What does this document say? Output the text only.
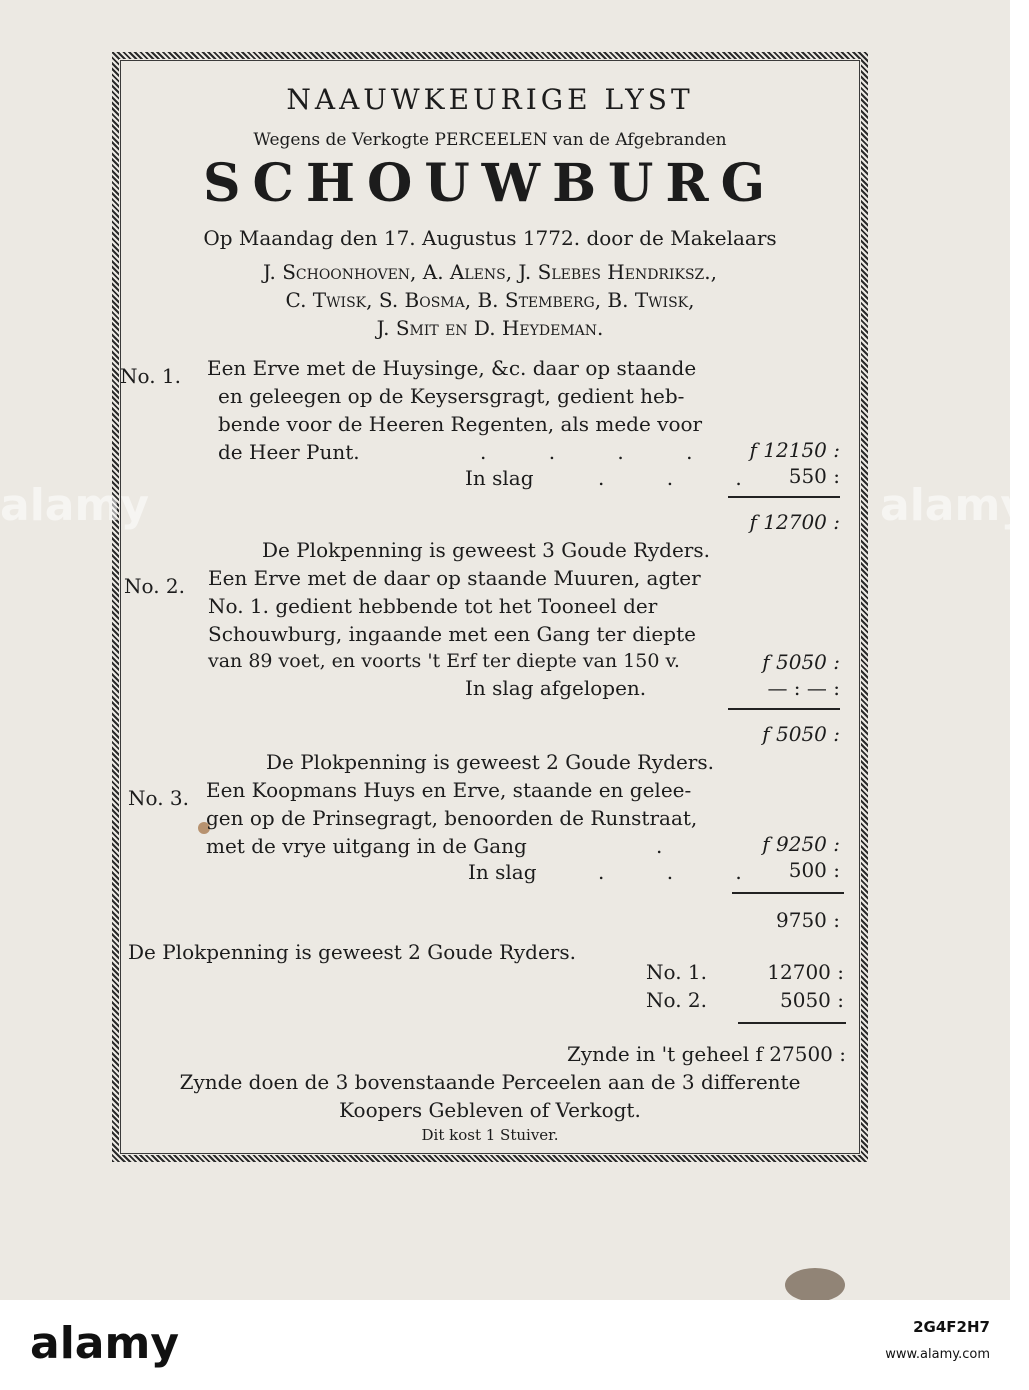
NAAUWKEURIGE LYST
Wegens de Verkogte PERCEELEN van de Afgebranden
SCHOUWBURG
Op Maandag den 17. Augustus 1772. door de Makelaars
J. Schoonhoven, A. Alens, J. Slebes Hendriksz.,
C. Twisk, S. Bosma, B. Stemberg, B. Twisk,
J. Smit en D. Heydeman.
No. 1. Een Erve met de Huysinge, &c. daar op staande
en geleegen op de Keysersgragt, gedient heb-
bende voor de Heeren Regenten, als mede voor
de Heer Punt.	. . . .	f 12150 :
In slag	. . . 550 :
f 12700 :
De Plokpenning is geweest 3 Goude Ryders.
No. 2. Een Erve met de daar op staande Muuren, agter
No. 1. gedient hebbende tot het Tooneel der
Schouwburg, ingaande met een Gang ter diepte
van 89 voet, en voorts 't Erf ter diepte van 150 v.	f 5050 :
In slag afgelopen.	— : — :
f 5050 :
De Plokpenning is geweest 2 Goude Ryders.
No. 3. Een Koopmans Huys en Erve, staande en gelee-
gen op de Prinsegragt, benoorden de Runstraat,
met de vrye uitgang in de Gang	.	f 9250 :
In slag	. . . 500 :
9750 :
De Plokpenning is geweest 2 Goude Ryders.
No. 1.	12700 :
No. 2.	5050 :
Zynde in 't geheel f 27500 :
Zynde doen de 3 bovenstaande Perceelen aan de 3 differente
Koopers Gebleven of Verkogt.
Dit kost 1 Stuiver.
alamy	alamy
alamy	2G4F2H7
www.alamy.com
